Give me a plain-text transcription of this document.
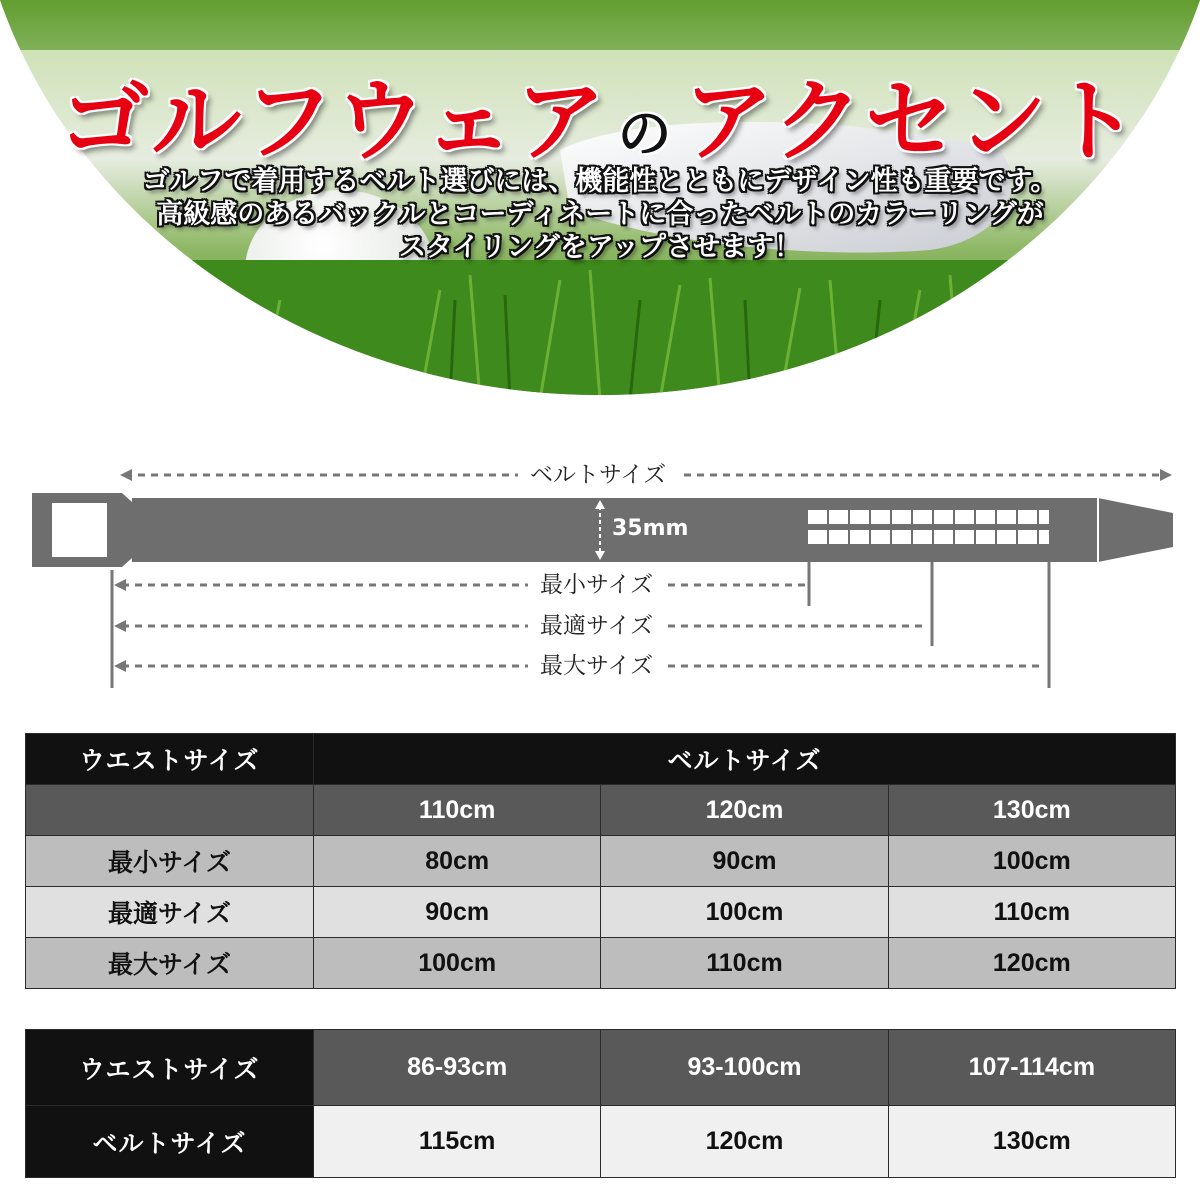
ゴルフウェア の アクセント
ゴルフで着用するベルト選びには、機能性とともにデザイン性も重要です。
高級感のあるバックルとコーディネートに合ったベルトのカラーリングが
スタイリングをアップさせます！
ベルトサイズ
35mm
最小サイズ
最適サイズ
最大サイズ
ウエストサイズ	ベルトサイズ		
	110cm	120cm	130cm
最小サイズ	80cm	90cm	100cm
最適サイズ	90cm	100cm	110cm
最大サイズ	100cm	110cm	120cm
ウエストサイズ	86-93cm	93-100cm	107-114cm
ベルトサイズ	115cm	120cm	130cm
